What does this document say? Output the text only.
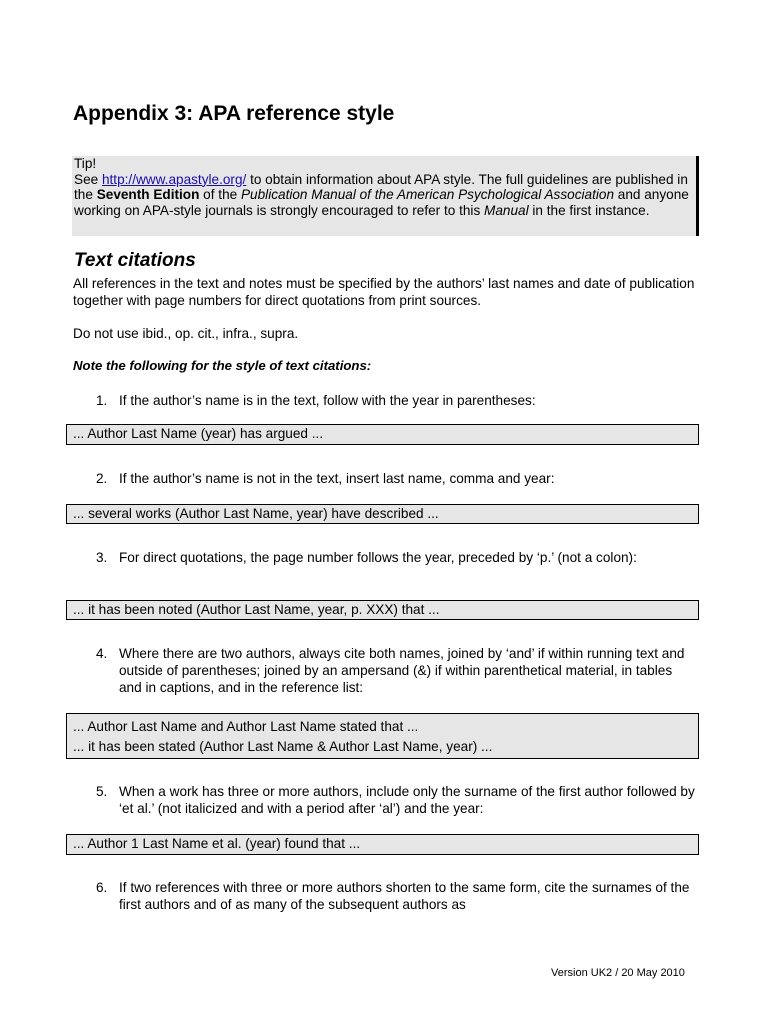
Appendix 3: APA reference style
Tip!
See http://www.apastyle.org/ to obtain information about APA style. The full guidelines are published in the Seventh Edition of the Publication Manual of the American Psychological Association and anyone working on APA-style journals is strongly encouraged to refer to this Manual in the first instance.
Text citations

All references in the text and notes must be specified by the authors’ last names and date of publication together with page numbers for direct quotations from print sources.

Do not use ibid., op. cit., infra., supra.

Note the following for the style of text citations:

1. If the author’s name is in the text, follow with the year in parentheses:
... Author Last Name (year) has argued ...
2. If the author’s name is not in the text, insert last name, comma and year:
... several works (Author Last Name, year) have described ...
3. For direct quotations, the page number follows the year, preceded by ‘p.’ (not a colon):
... it has been noted (Author Last Name, year, p. XXX) that ...
4. Where there are two authors, always cite both names, joined by ‘and’ if within running text and outside of parentheses; joined by an ampersand (&) if within parenthetical material, in tables and in captions, and in the reference list:
... Author Last Name and Author Last Name stated that ...
... it has been stated (Author Last Name & Author Last Name, year) ...
5. When a work has three or more authors, include only the surname of the first author followed by ‘et al.’ (not italicized and with a period after ‘al’) and the year:
... Author 1 Last Name et al. (year) found that ...
6. If two references with three or more authors shorten to the same form, cite the surnames of the first authors and of as many of the subsequent authors as
Version UK2 / 20 May 2010
